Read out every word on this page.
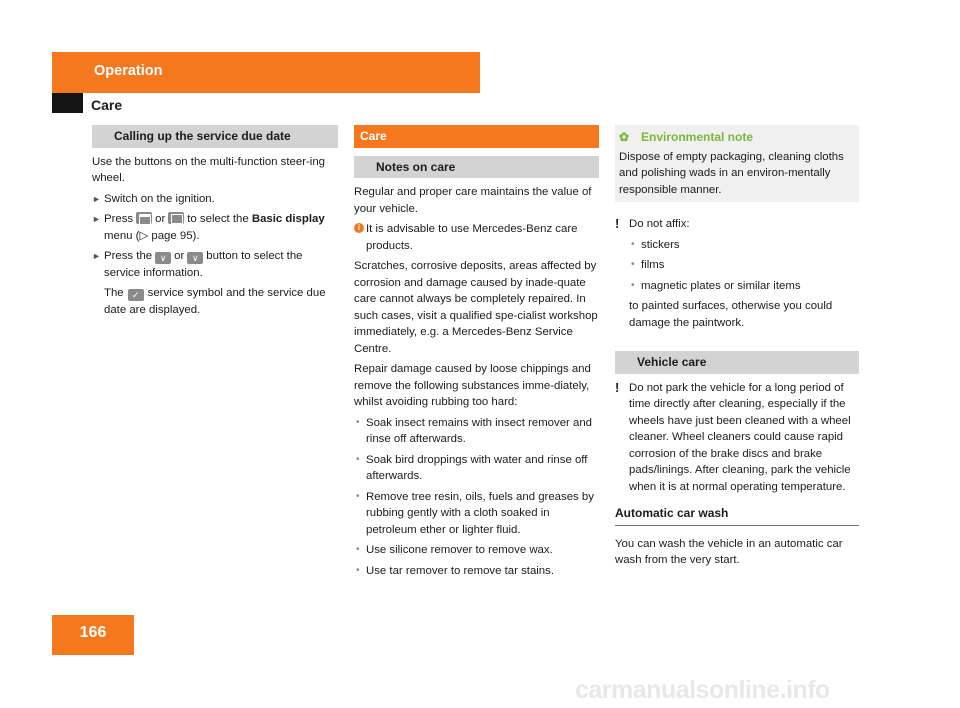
Operation
Care
Calling up the service due date

Use the buttons on the multi-function steer-ing wheel.

► Switch on the ignition.
► Press or to select the Basic display menu (▷ page 95).
► Press the ∨ or ∨ button to select the service information.

The ✓ service symbol and the service due date are displayed.

Care
Notes on care

Regular and proper care maintains the value of your vehicle.

i It is advisable to use Mercedes-Benz care products.

Scratches, corrosive deposits, areas affected by corrosion and damage caused by inade-quate care cannot always be completely repaired. In such cases, visit a qualified spe-cialist workshop immediately, e.g. a Mercedes-Benz Service Centre.

Repair damage caused by loose chippings and remove the following substances imme-diately, whilst avoiding rubbing too hard:

• Soak insect remains with insect remover and rinse off afterwards.
• Soak bird droppings with water and rinse off afterwards.
• Remove tree resin, oils, fuels and greases by rubbing gently with a cloth soaked in petroleum ether or lighter fluid.
• Use silicone remover to remove wax.
• Use tar remover to remove tar stains.
✿ Environmental note

Dispose of empty packaging, cleaning cloths and polishing wads in an environ-mentally responsible manner.

! Do not affix:

• stickers
• films
• magnetic plates or similar items

to painted surfaces, otherwise you could damage the paintwork.

Vehicle care
! Do not park the vehicle for a long period of time directly after cleaning, especially if the wheels have just been cleaned with a wheel cleaner. Wheel cleaners could cause rapid corrosion of the brake discs and brake pads/linings. After cleaning, park the vehicle when it is at normal operating temperature.

Automatic car wash

You can wash the vehicle in an automatic car wash from the very start.

166
carmanualsonline.info
